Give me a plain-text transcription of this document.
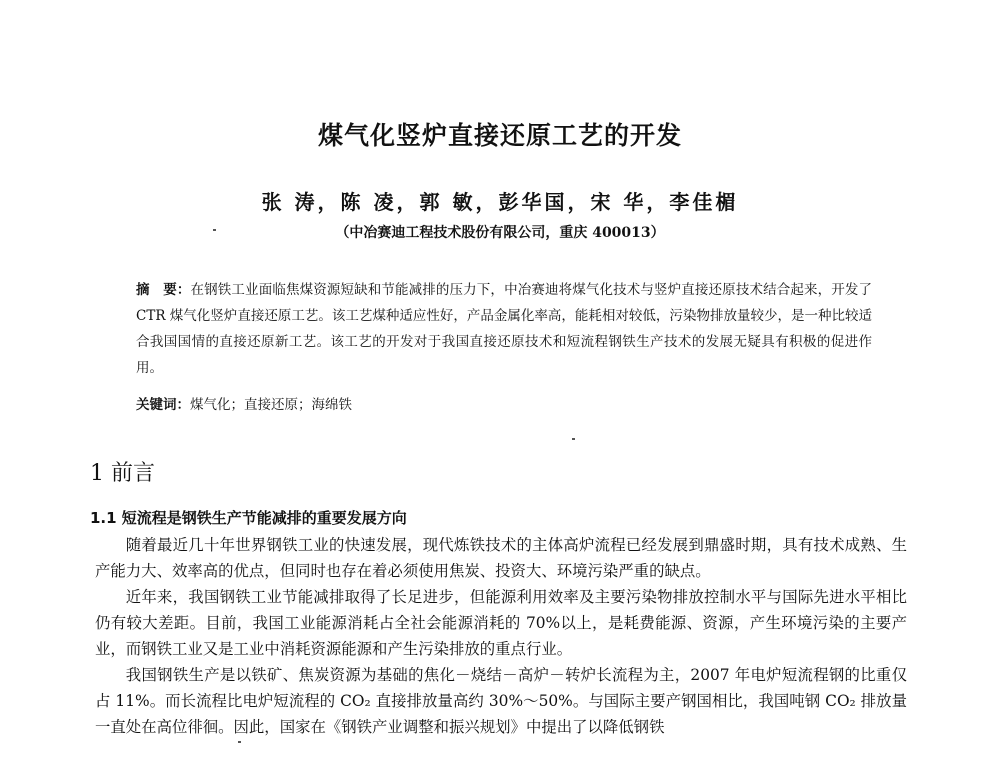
煤气化竖炉直接还原工艺的开发
张 涛，陈 凌，郭 敏，彭华国，宋 华，李佳楣
（中冶赛迪工程技术股份有限公司，重庆 400013）
摘　要：在钢铁工业面临焦煤资源短缺和节能减排的压力下，中冶赛迪将煤气化技术与竖炉直接还原技术结合起来，开发了 CTR 煤气化竖炉直接还原工艺。该工艺煤种适应性好，产品金属化率高，能耗相对较低，污染物排放量较少，是一种比较适合我国国情的直接还原新工艺。该工艺的开发对于我国直接还原技术和短流程钢铁生产技术的发展无疑具有积极的促进作用。
关键词：煤气化；直接还原；海绵铁
1 前言
1.1 短流程是钢铁生产节能减排的重要发展方向

随着最近几十年世界钢铁工业的快速发展，现代炼铁技术的主体高炉流程已经发展到鼎盛时期，具有技术成熟、生产能力大、效率高的优点，但同时也存在着必须使用焦炭、投资大、环境污染严重的缺点。

近年来，我国钢铁工业节能减排取得了长足进步，但能源利用效率及主要污染物排放控制水平与国际先进水平相比仍有较大差距。目前，我国工业能源消耗占全社会能源消耗的 70%以上，是耗费能源、资源，产生环境污染的主要产业，而钢铁工业又是工业中消耗资源能源和产生污染排放的重点行业。

我国钢铁生产是以铁矿、焦炭资源为基础的焦化－烧结－高炉－转炉长流程为主，2007 年电炉短流程钢的比重仅占 11%。而长流程比电炉短流程的 CO₂ 直接排放量高约 30%～50%。与国际主要产钢国相比，我国吨钢 CO₂ 排放量一直处在高位徘徊。因此，国家在《钢铁产业调整和振兴规划》中提出了以降低钢铁
